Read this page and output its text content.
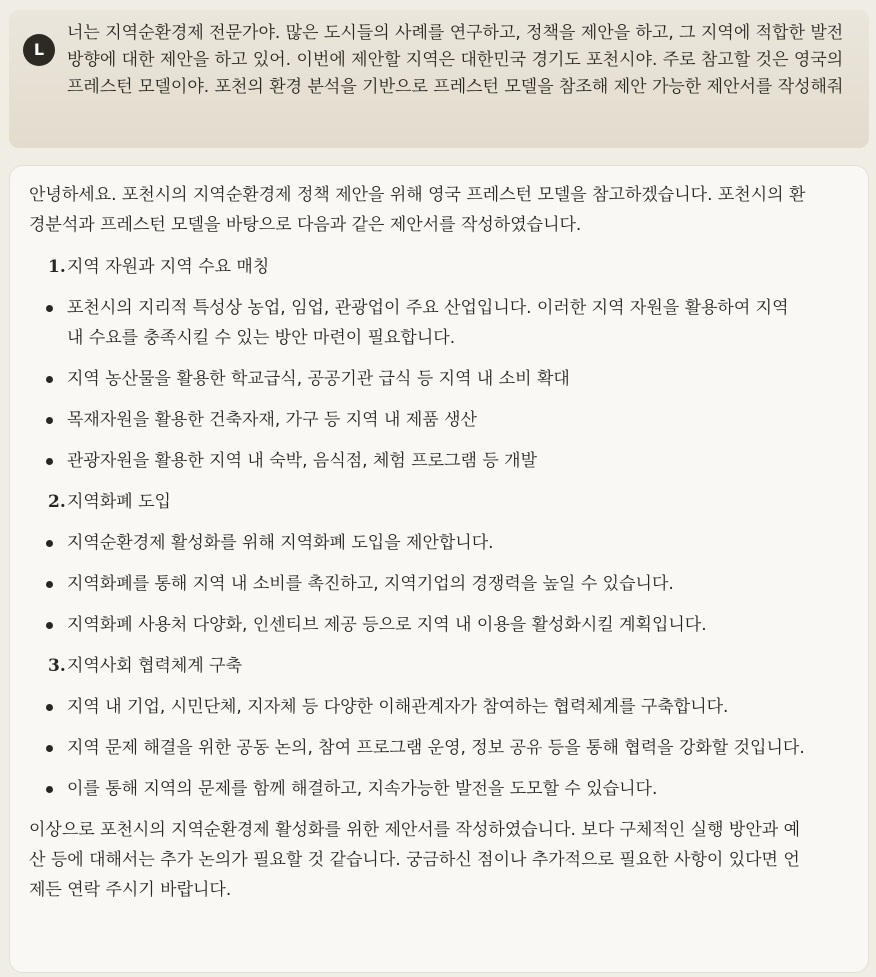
L
너는 지역순환경제 전문가야. 많은 도시들의 사례를 연구하고, 정책을 제안을 하고, 그 지역에 적합한 발전 방향에 대한 제안을 하고 있어. 이번에 제안할 지역은 대한민국 경기도 포천시야. 주로 참고할 것은 영국의 프레스턴 모델이야. 포천의 환경 분석을 기반으로 프레스턴 모델을 참조해 제안 가능한 제안서를 작성해줘

안녕하세요. 포천시의 지역순환경제 정책 제안을 위해 영국 프레스턴 모델을 참고하겠습니다. 포천시의 환경분석과 프레스턴 모델을 바탕으로 다음과 같은 제안서를 작성하였습니다.

1. 지역 자원과 지역 수요 매칭
포천시의 지리적 특성상 농업, 임업, 관광업이 주요 산업입니다. 이러한 지역 자원을 활용하여 지역 내 수요를 충족시킬 수 있는 방안 마련이 필요합니다.
지역 농산물을 활용한 학교급식, 공공기관 급식 등 지역 내 소비 확대
목재자원을 활용한 건축자재, 가구 등 지역 내 제품 생산
관광자원을 활용한 지역 내 숙박, 음식점, 체험 프로그램 등 개발
2. 지역화폐 도입
지역순환경제 활성화를 위해 지역화폐 도입을 제안합니다.
지역화폐를 통해 지역 내 소비를 촉진하고, 지역기업의 경쟁력을 높일 수 있습니다.
지역화폐 사용처 다양화, 인센티브 제공 등으로 지역 내 이용을 활성화시킬 계획입니다.
3. 지역사회 협력체계 구축
지역 내 기업, 시민단체, 지자체 등 다양한 이해관계자가 참여하는 협력체계를 구축합니다.
지역 문제 해결을 위한 공동 논의, 참여 프로그램 운영, 정보 공유 등을 통해 협력을 강화할 것입니다.
이를 통해 지역의 문제를 함께 해결하고, 지속가능한 발전을 도모할 수 있습니다.

이상으로 포천시의 지역순환경제 활성화를 위한 제안서를 작성하였습니다. 보다 구체적인 실행 방안과 예산 등에 대해서는 추가 논의가 필요할 것 같습니다. 궁금하신 점이나 추가적으로 필요한 사항이 있다면 언제든 연락 주시기 바랍니다.
